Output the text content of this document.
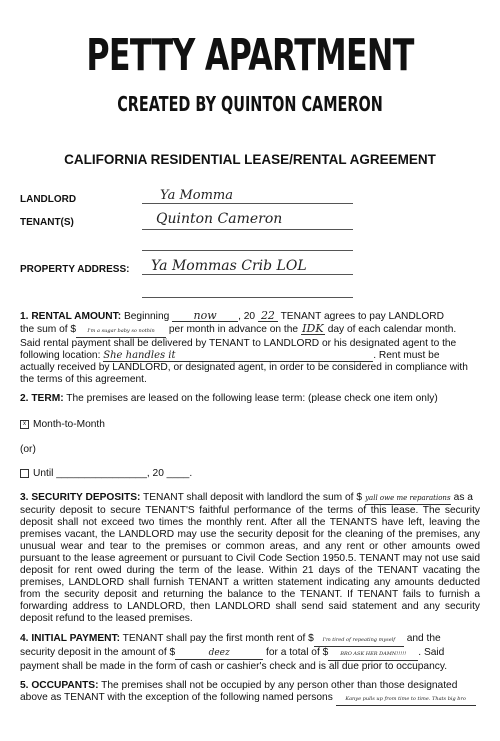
PETTY APARTMENT
CREATED BY QUINTON CAMERON
CALIFORNIA RESIDENTIAL LEASE/RENTAL AGREEMENT
LANDLORD	Ya Momma
TENANT(S)	Quinton Cameron
PROPERTY ADDRESS: Ya Mommas Crib LOL
1. RENTAL AMOUNT: Beginning now , 20 22 TENANT agrees to pay LANDLORD
the sum of $ I'm a sugar baby so nothin per month in advance on the IDK day of each calendar month.
Said rental payment shall be delivered by TENANT to LANDLORD or his designated agent to the
following location: She handles it	. Rent must be
actually received by LANDLORD, or designated agent, in order to be considered in compliance with
the terms of this agreement.
2. TERM: The premises are leased on the following lease term: (please check one item only)
x Month-to-Month
(or)
Until ________________, 20 ____.
3. SECURITY DEPOSITS: TENANT shall deposit with landlord the sum of $ yall owe me reparations as a
security deposit to secure TENANT'S faithful performance of the terms of this lease. The security deposit shall not exceed two times the monthly rent. After all the TENANTS have left, leaving the premises vacant, the LANDLORD may use the security deposit for the cleaning of the premises, any unusual wear and tear to the premises or common areas, and any rent or other amounts owed pursuant to the lease agreement or pursuant to Civil Code Section 1950.5. TENANT may not use said deposit for rent owed during the term of the lease. Within 21 days of the TENANT vacating the premises, LANDLORD shall furnish TENANT a written statement indicating any amounts deducted from the security deposit and returning the balance to the TENANT. If TENANT fails to furnish a forwarding address to LANDLORD, then LANDLORD shall send said statement and any security deposit refund to the leased premises.
4. INITIAL PAYMENT: TENANT shall pay the first month rent of $ I'm tired of repeating myself and the
security deposit in the amount of $	deez	for a total of $ BRO ASK HER DAMN!!!!! . Said
payment shall be made in the form of cash or cashier's check and is all due prior to occupancy.
5. OCCUPANTS: The premises shall not be occupied by any person other than those designated
above as TENANT with the exception of the following named persons Kanye pulls up from time to time. Thats big bro
